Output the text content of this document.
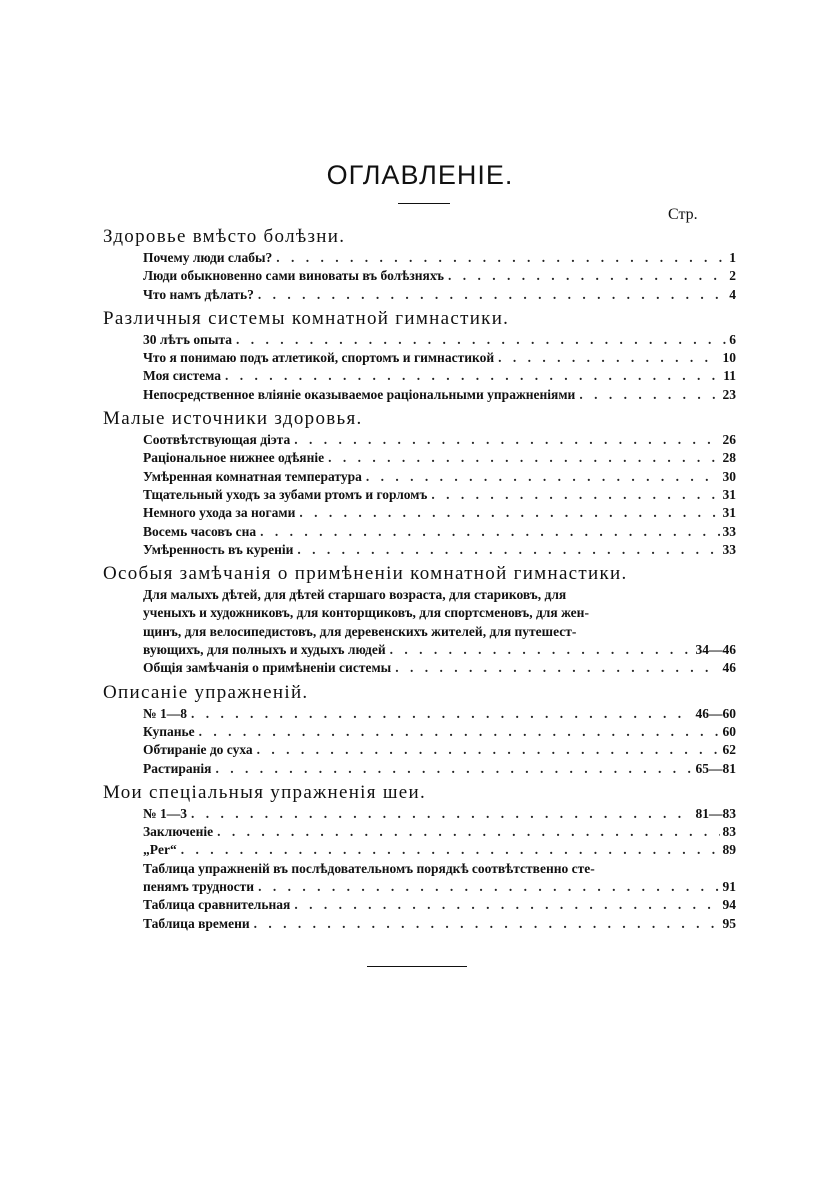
ОГЛАВЛЕНІЕ.
Стр.
Здоровье вмѣсто болѣзни.
Почему люди слабы? . . .	1
Люди обыкновенно сами виноваты въ болѣзняхъ . . .	2
Что намъ дѣлать? . . .	4
Различныя системы комнатной гимнастики.
30 лѣтъ опыта . . .	6
Что я понимаю подъ атлетикой, спортомъ и гимнастикой . . .	10
Моя система . . .	11
Непосредственное вліяніе оказываемое раціональными упражненіями . . .	23
Малые источники здоровья.
Соотвѣтствующая діэта . . .	26
Раціональное нижнее одѣяніе . . .	28
Умѣренная комнатная температура . . .	30
Тщательный уходъ за зубами ртомъ и горломъ . . .	31
Немного ухода за ногами . . .	31
Восемь часовъ сна . . .	33
Умѣренность въ куреніи . . .	33
Особыя замѣчанія о примѣненіи комнатной гимнастики.
Для малыхъ дѣтей, для дѣтей старшаго возраста, для стариковъ, для
ученыхъ и художниковъ, для конторщиковъ, для спортсменовъ, для жен-
щинъ, для велосипедистовъ, для деревенскихъ жителей, для путешест-
вующихъ, для полныхъ и худыхъ людей . . .	34—46
Общія замѣчанія о примѣненіи системы . . .	46
Описаніе упражненій.
№ 1—8 . . .	46—60
Купанье . . .	60
Обтираніе до суха . . .	62
Растиранія . . .	65—81
Мои спеціальныя упражненія шеи.
№ 1—3 . . .	81—83
Заключеніе . . .	83
„Per“ . . .	89
Таблица упражненій въ послѣдовательномъ порядкѣ соотвѣтственно сте-
пенямъ трудности . . .	91
Таблица сравнительная . . .	94
Таблица времени . . .	95
